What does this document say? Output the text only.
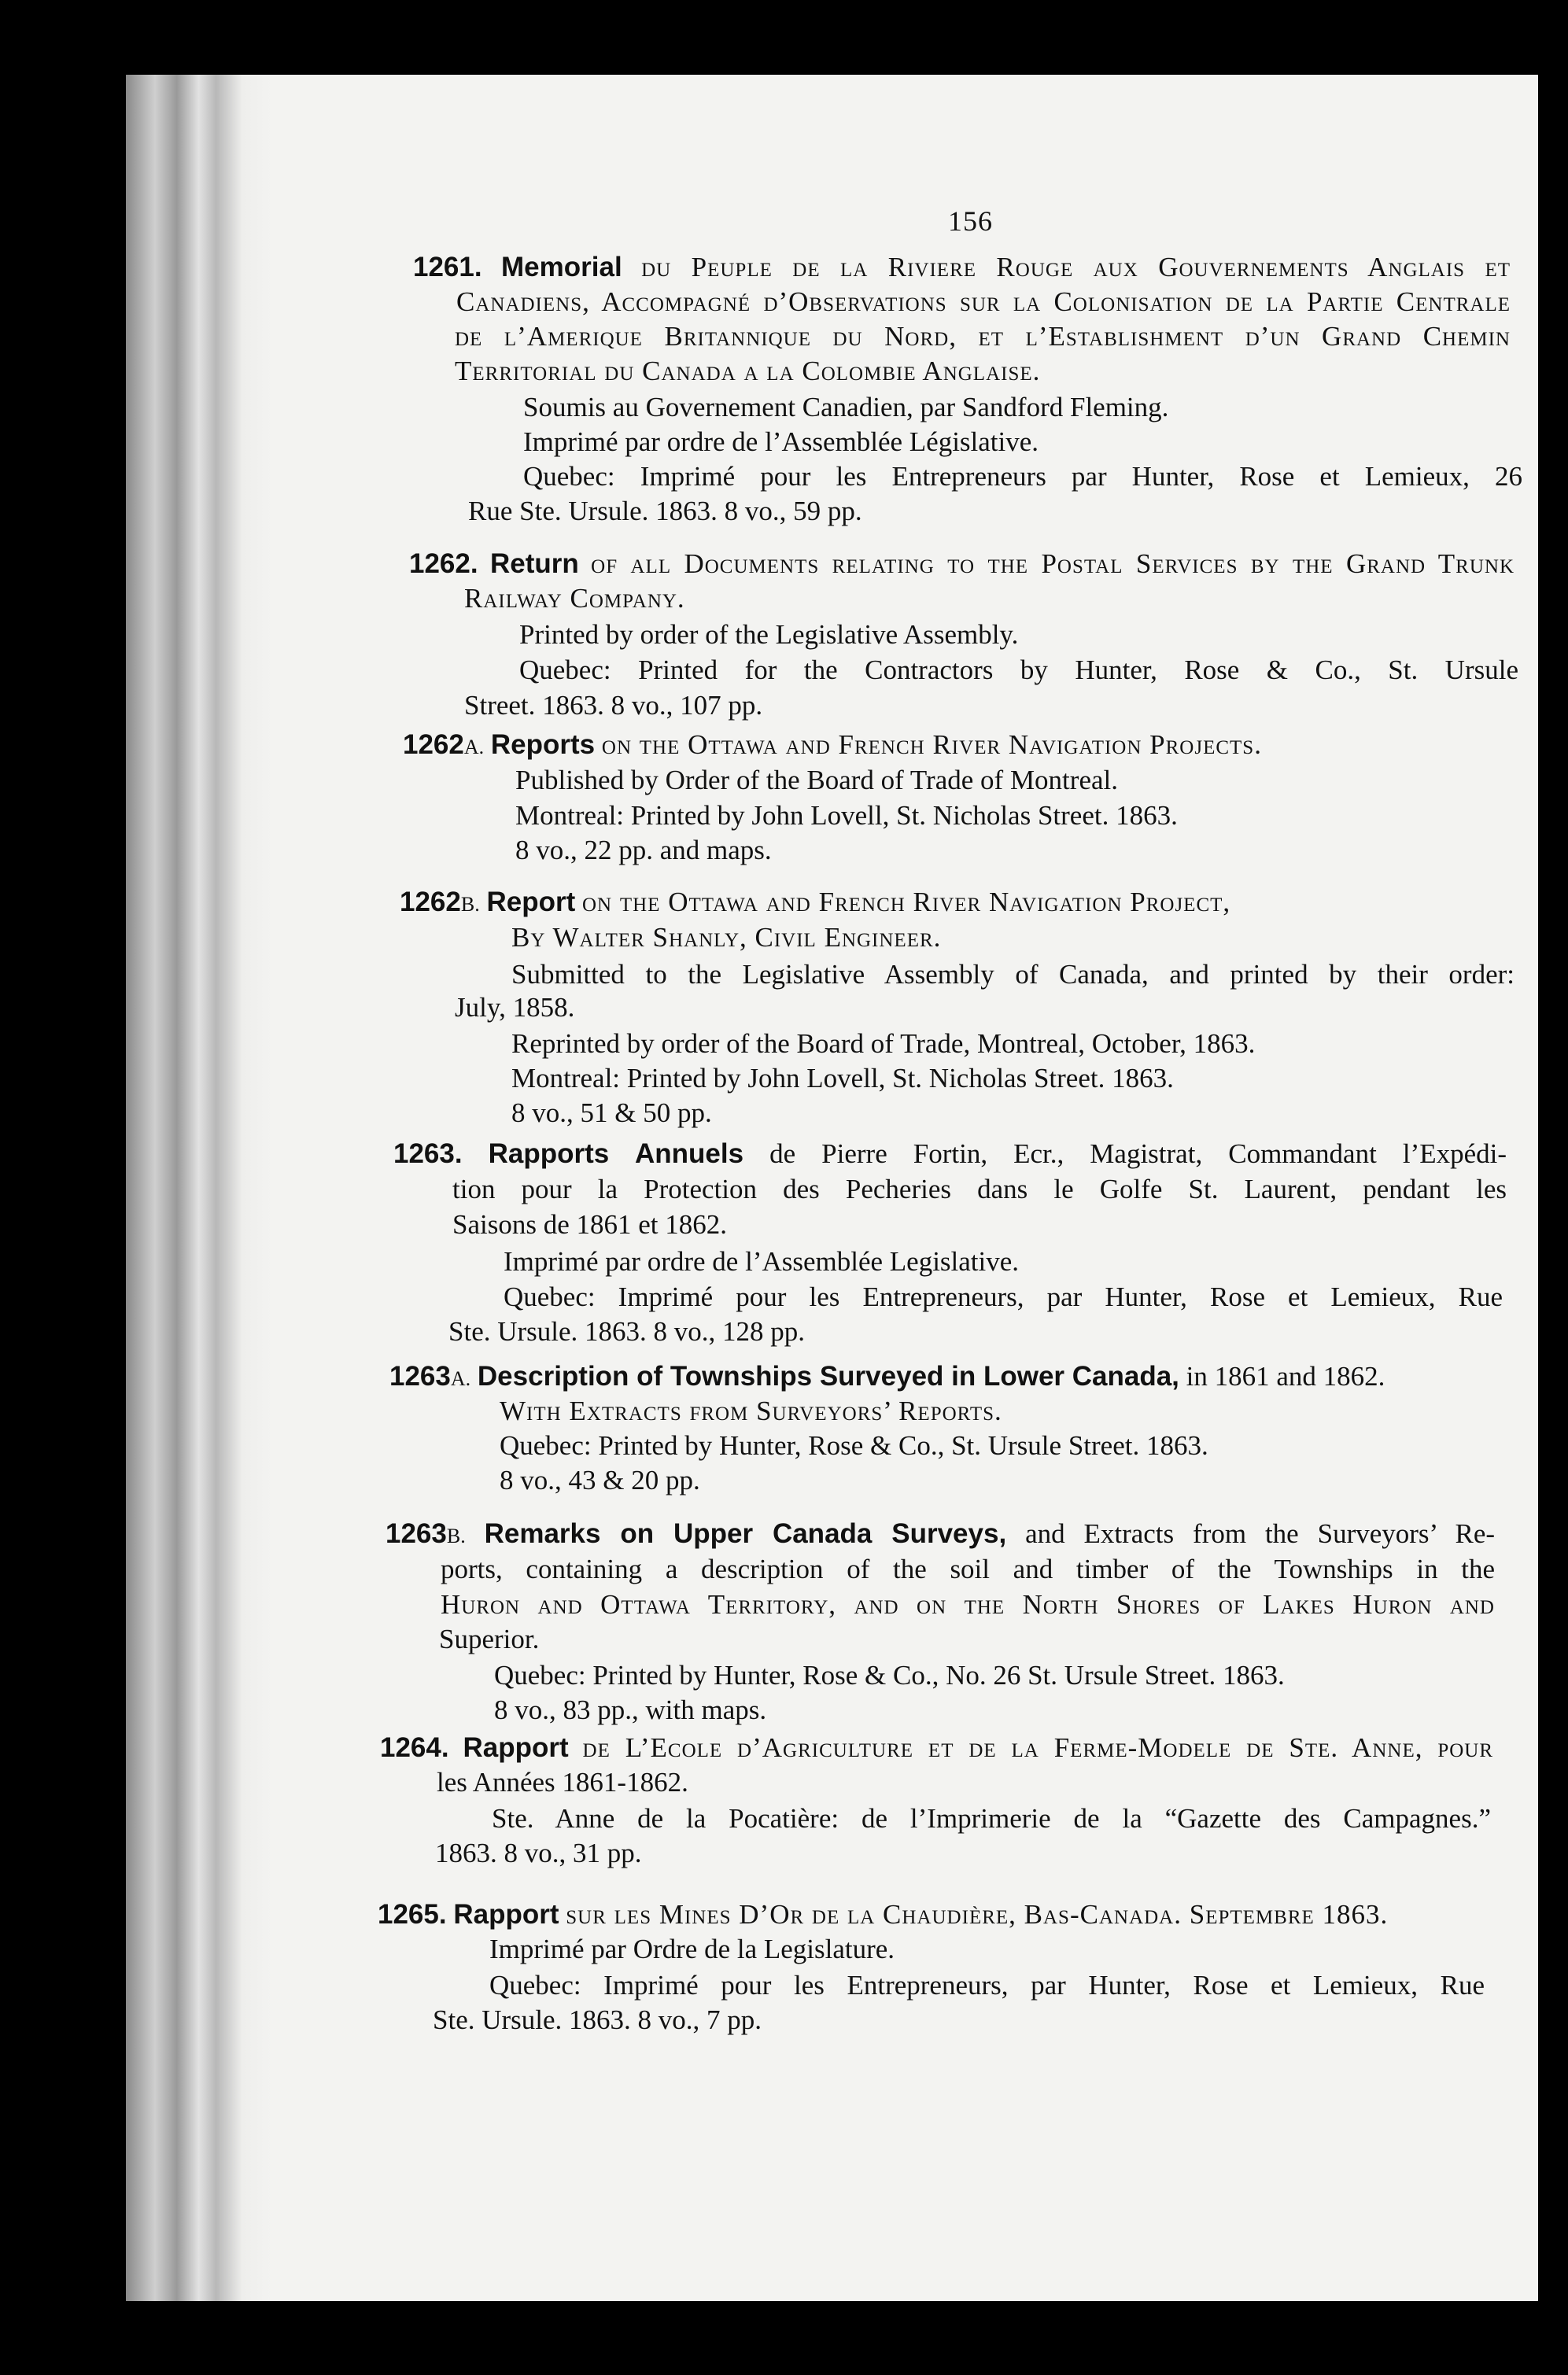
156

1261. Memorial du Peuple de la Riviere Rouge aux Gouvernements Anglais et

Canadiens, Accompagné d’Observations sur la Colonisation de la Partie Centrale

de l’Amerique Britannique du Nord, et l’Establishment d’un Grand Chemin

Territorial du Canada a la Colombie Anglaise.

Soumis au Governement Canadien, par Sandford Fleming.

Imprimé par ordre de l’Assemblée Législative.

Quebec: Imprimé pour les Entrepreneurs par Hunter, Rose et Lemieux, 26

Rue Ste. Ursule. 1863. 8 vo., 59 pp.

1262. Return of all Documents relating to the Postal Services by the Grand Trunk

Railway Company.

Printed by order of the Legislative Assembly.

Quebec: Printed for the Contractors by Hunter, Rose & Co., St. Ursule

Street. 1863. 8 vo., 107 pp.

1262A. Reports on the Ottawa and French River Navigation Projects.

Published by Order of the Board of Trade of Montreal.

Montreal: Printed by John Lovell, St. Nicholas Street. 1863.

8 vo., 22 pp. and maps.

1262B. Report on the Ottawa and French River Navigation Project,

By Walter Shanly, Civil Engineer.

Submitted to the Legislative Assembly of Canada, and printed by their order:

July, 1858.

Reprinted by order of the Board of Trade, Montreal, October, 1863.

Montreal: Printed by John Lovell, St. Nicholas Street. 1863.

8 vo., 51 & 50 pp.

1263. Rapports Annuels de Pierre Fortin, Ecr., Magistrat, Commandant l’Expédi-

tion pour la Protection des Pecheries dans le Golfe St. Laurent, pendant les

Saisons de 1861 et 1862.

Imprimé par ordre de l’Assemblée Legislative.

Quebec: Imprimé pour les Entrepreneurs, par Hunter, Rose et Lemieux, Rue

Ste. Ursule. 1863. 8 vo., 128 pp.

1263A. Description of Townships Surveyed in Lower Canada, in 1861 and 1862.

With Extracts from Surveyors’ Reports.

Quebec: Printed by Hunter, Rose & Co., St. Ursule Street. 1863.

8 vo., 43 & 20 pp.

1263B. Remarks on Upper Canada Surveys, and Extracts from the Surveyors’ Re-

ports, containing a description of the soil and timber of the Townships in the

Huron and Ottawa Territory, and on the North Shores of Lakes Huron and

Superior.

Quebec: Printed by Hunter, Rose & Co., No. 26 St. Ursule Street. 1863.

8 vo., 83 pp., with maps.

1264. Rapport de L’Ecole d’Agriculture et de la Ferme-Modele de Ste. Anne, pour

les Années 1861-1862.

Ste. Anne de la Pocatière: de l’Imprimerie de la “Gazette des Campagnes.”

1863. 8 vo., 31 pp.

1265. Rapport sur les Mines D’Or de la Chaudière, Bas-Canada. Septembre 1863.

Imprimé par Ordre de la Legislature.

Quebec: Imprimé pour les Entrepreneurs, par Hunter, Rose et Lemieux, Rue

Ste. Ursule. 1863. 8 vo., 7 pp.
